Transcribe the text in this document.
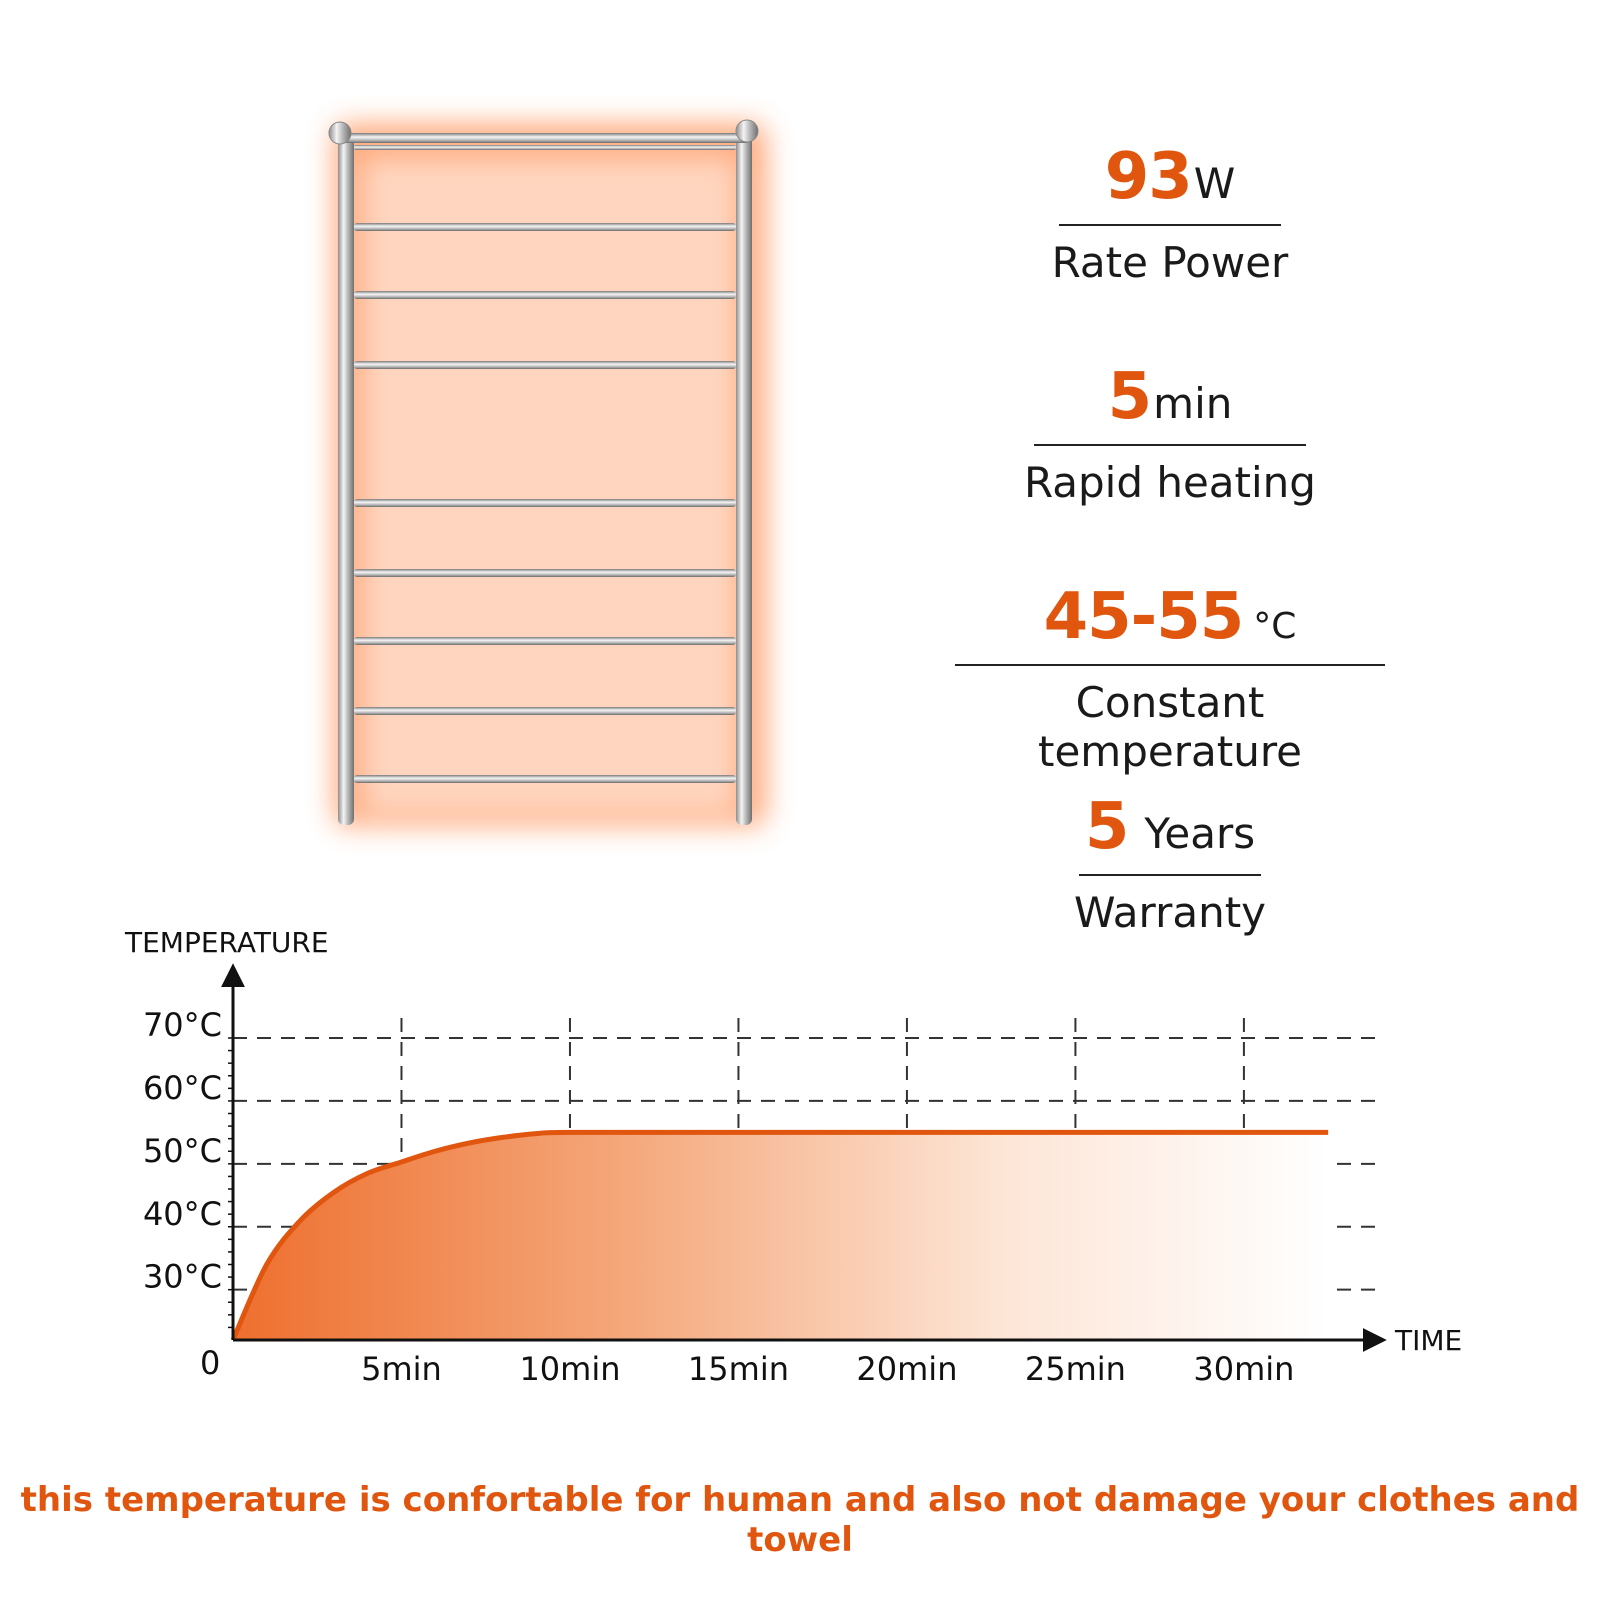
93 W
Rate Power
5 min
Rapid heating
45-55 °C
Constant temperature
5 Years
Warranty
30°C
40°C
50°C
60°C
70°C
5min 10min 15min 20min 25min 30min
TEMPERATURE
TIME
0
this temperature is confortable for human and also not damage your clothes and towel
